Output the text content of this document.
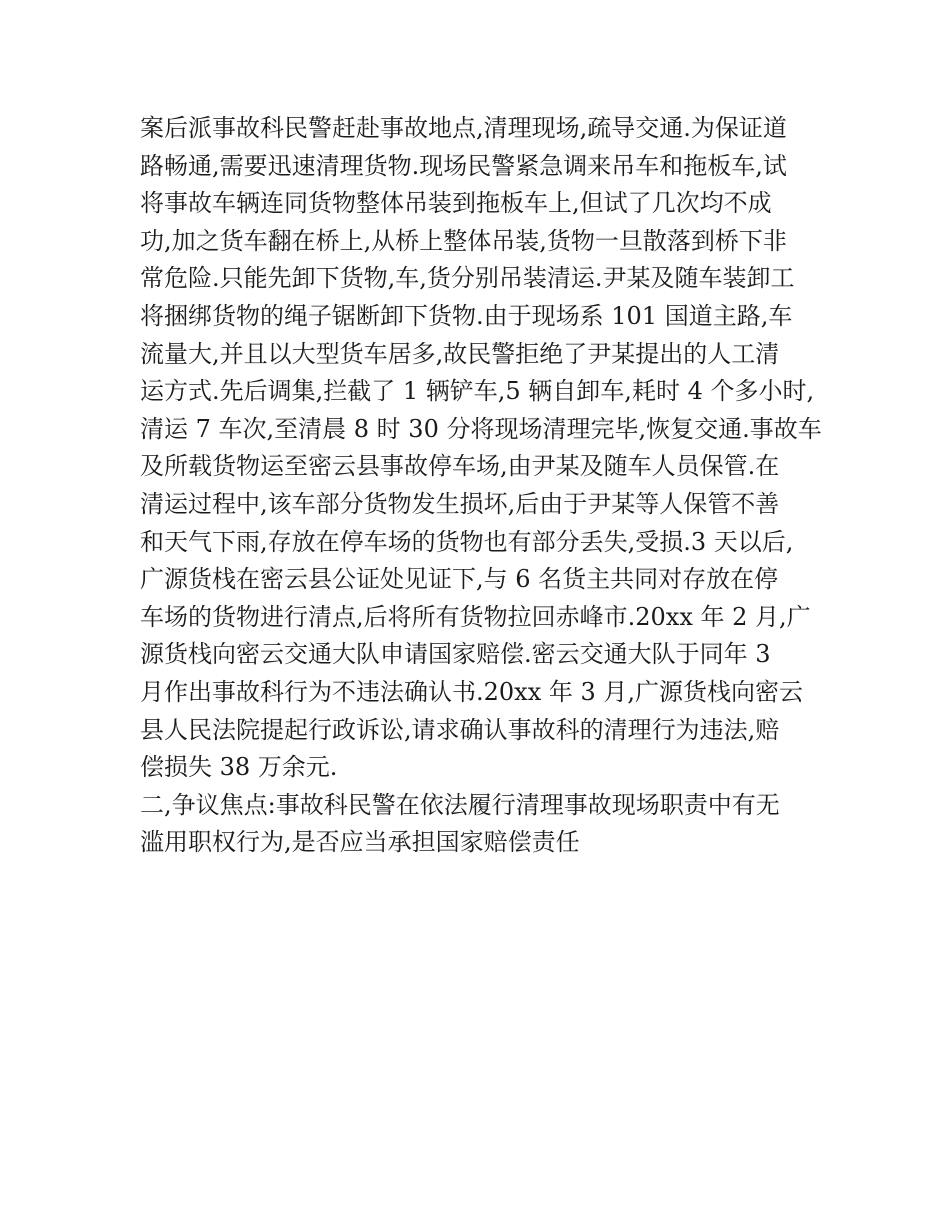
案后派事故科民警赶赴事故地点,清理现场,疏导交通.为保证道
路畅通,需要迅速清理货物.现场民警紧急调来吊车和拖板车,试
将事故车辆连同货物整体吊装到拖板车上,但试了几次均不成
功,加之货车翻在桥上,从桥上整体吊装,货物一旦散落到桥下非
常危险.只能先卸下货物,车,货分别吊装清运.尹某及随车装卸工
将捆绑货物的绳子锯断卸下货物.由于现场系 101 国道主路,车
流量大,并且以大型货车居多,故民警拒绝了尹某提出的人工清
运方式.先后调集,拦截了 1 辆铲车,5 辆自卸车,耗时 4 个多小时,
清运 7 车次,至清晨 8 时 30 分将现场清理完毕,恢复交通.事故车
及所载货物运至密云县事故停车场,由尹某及随车人员保管.在
清运过程中,该车部分货物发生损坏,后由于尹某等人保管不善
和天气下雨,存放在停车场的货物也有部分丢失,受损.3 天以后,
广源货栈在密云县公证处见证下,与 6 名货主共同对存放在停
车场的货物进行清点,后将所有货物拉回赤峰市.20xx 年 2 月,广
源货栈向密云交通大队申请国家赔偿.密云交通大队于同年 3
月作出事故科行为不违法确认书.20xx 年 3 月,广源货栈向密云
县人民法院提起行政诉讼,请求确认事故科的清理行为违法,赔
偿损失 38 万余元.
二,争议焦点:事故科民警在依法履行清理事故现场职责中有无
滥用职权行为,是否应当承担国家赔偿责任
